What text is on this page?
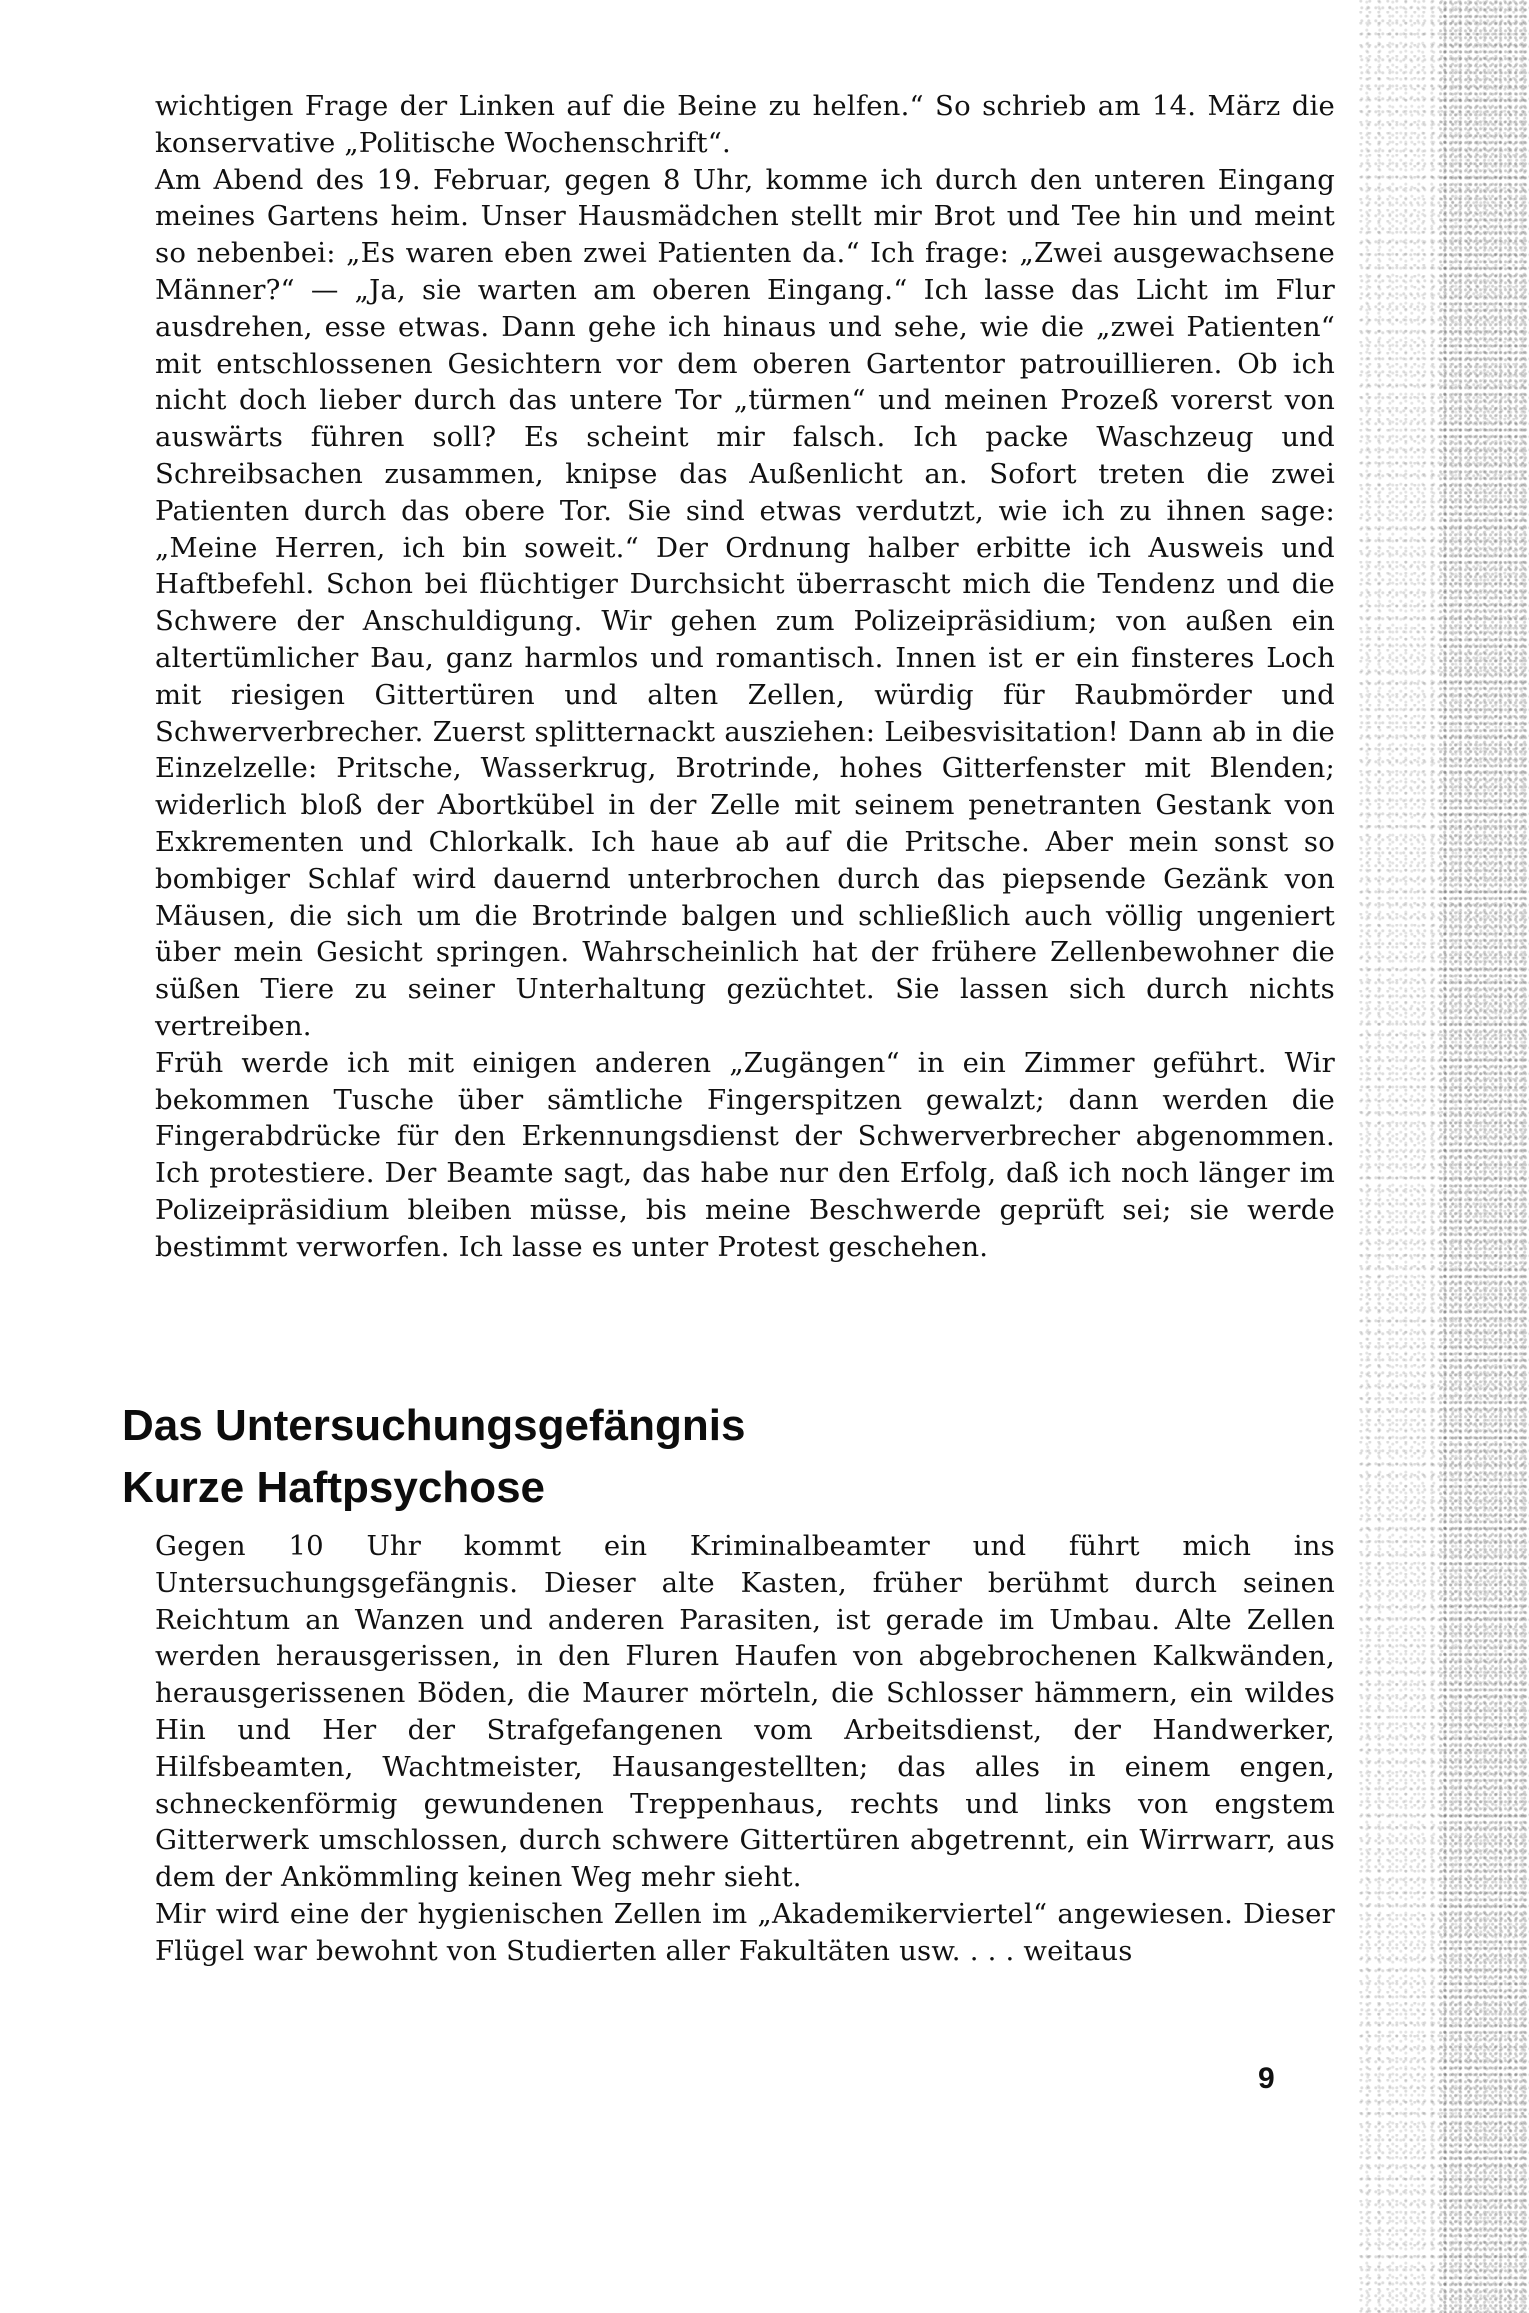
wichtigen Frage der Linken auf die Beine zu helfen.“ So schrieb am 14. März die konservative „Politische Wochenschrift“.

Am Abend des 19. Februar, gegen 8 Uhr, komme ich durch den unteren Eingang meines Gartens heim. Unser Hausmädchen stellt mir Brot und Tee hin und meint so nebenbei: „Es waren eben zwei Patienten da.“ Ich frage: „Zwei ausgewachsene Männer?“ — „Ja, sie warten am oberen Eingang.“ Ich lasse das Licht im Flur ausdrehen, esse etwas. Dann gehe ich hinaus und sehe, wie die „zwei Patienten“ mit entschlossenen Gesichtern vor dem oberen Gartentor patrouillieren. Ob ich nicht doch lieber durch das untere Tor „türmen“ und meinen Prozeß vorerst von auswärts führen soll? Es scheint mir falsch. Ich packe Waschzeug und Schreibsachen zusammen, knipse das Außenlicht an. Sofort treten die zwei Patienten durch das obere Tor. Sie sind etwas verdutzt, wie ich zu ihnen sage: „Meine Herren, ich bin soweit.“ Der Ordnung halber erbitte ich Ausweis und Haftbefehl. Schon bei flüchtiger Durchsicht überrascht mich die Tendenz und die Schwere der Anschuldigung. Wir gehen zum Polizeipräsidium; von außen ein altertümlicher Bau, ganz harmlos und romantisch. Innen ist er ein finsteres Loch mit riesigen Gittertüren und alten Zellen, würdig für Raubmörder und Schwerverbrecher. Zuerst splitternackt ausziehen: Leibesvisitation! Dann ab in die Einzelzelle: Pritsche, Wasserkrug, Brotrinde, hohes Gitterfenster mit Blenden; widerlich bloß der Abortkübel in der Zelle mit seinem penetranten Gestank von Exkrementen und Chlorkalk. Ich haue ab auf die Pritsche. Aber mein sonst so bombiger Schlaf wird dauernd unterbrochen durch das piepsende Gezänk von Mäusen, die sich um die Brotrinde balgen und schließlich auch völlig ungeniert über mein Gesicht springen. Wahrscheinlich hat der frühere Zellenbewohner die süßen Tiere zu seiner Unterhaltung gezüchtet. Sie lassen sich durch nichts vertreiben.

Früh werde ich mit einigen anderen „Zugängen“ in ein Zimmer geführt. Wir bekommen Tusche über sämtliche Fingerspitzen gewalzt; dann werden die Fingerabdrücke für den Erkennungsdienst der Schwerverbrecher abgenommen. Ich protestiere. Der Beamte sagt, das habe nur den Erfolg, daß ich noch länger im Polizeipräsidium bleiben müsse, bis meine Beschwerde geprüft sei; sie werde bestimmt verworfen. Ich lasse es unter Protest geschehen.

Das Untersuchungsgefängnis
Kurze Haftpsychose

Gegen 10 Uhr kommt ein Kriminalbeamter und führt mich ins Untersuchungsgefängnis. Dieser alte Kasten, früher berühmt durch seinen Reichtum an Wanzen und anderen Parasiten, ist gerade im Umbau. Alte Zellen werden herausgerissen, in den Fluren Haufen von abgebrochenen Kalkwänden, herausgerissenen Böden, die Maurer mörteln, die Schlosser hämmern, ein wildes Hin und Her der Strafgefangenen vom Arbeitsdienst, der Handwerker, Hilfsbeamten, Wachtmeister, Hausangestellten; das alles in einem engen, schneckenförmig gewundenen Treppenhaus, rechts und links von engstem Gitterwerk umschlossen, durch schwere Gittertüren abgetrennt, ein Wirrwarr, aus dem der Ankömmling keinen Weg mehr sieht.

Mir wird eine der hygienischen Zellen im „Akademikerviertel“ angewiesen. Dieser Flügel war bewohnt von Studierten aller Fakultäten usw. . . . weitaus

9
